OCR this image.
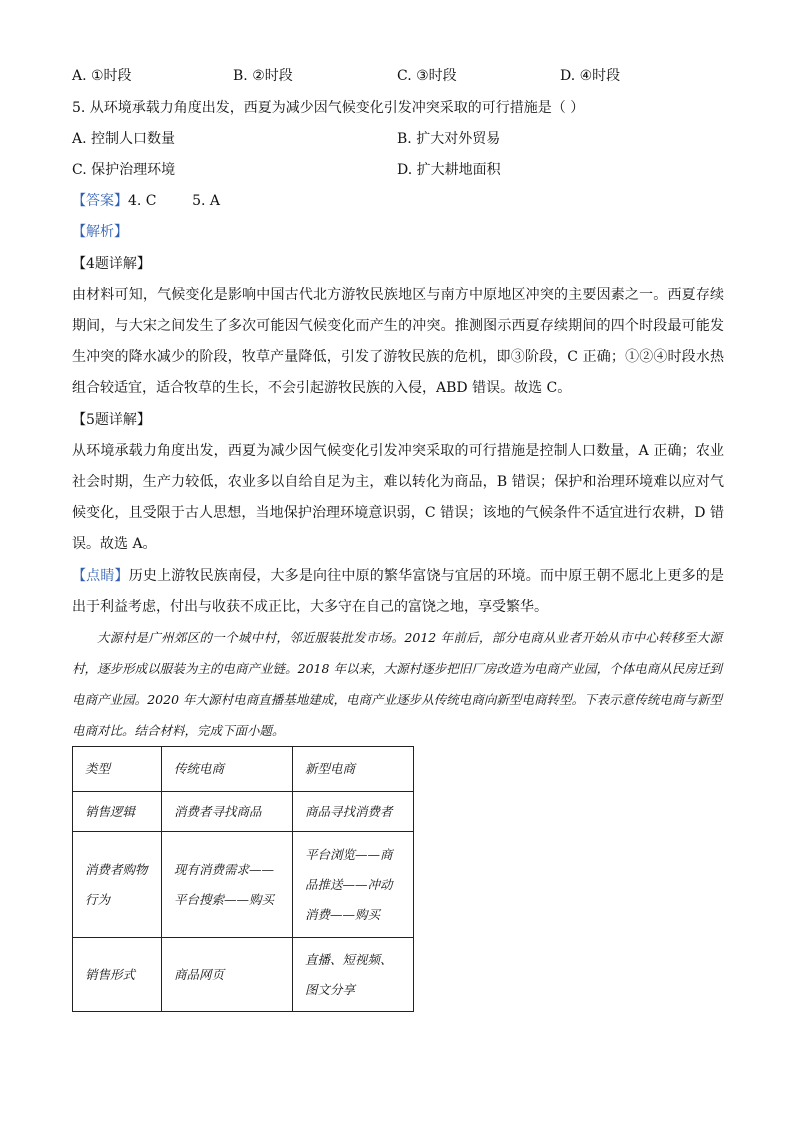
A. ①时段	B. ②时段	C. ③时段	D. ④时段
5. 从环境承载力角度出发，西夏为减少因气候变化引发冲突采取的可行措施是（ ）
A. 控制人口数量	B. 扩大对外贸易
C. 保护治理环境	D. 扩大耕地面积
【答案】4. C        5. A
【解析】
【4题详解】
由材料可知，气候变化是影响中国古代北方游牧民族地区与南方中原地区冲突的主要因素之一。西夏存续期间，与大宋之间发生了多次可能因气候变化而产生的冲突。推测图示西夏存续期间的四个时段最可能发生冲突的降水减少的阶段，牧草产量降低，引发了游牧民族的危机，即③阶段，C 正确；①②④时段水热组合较适宜，适合牧草的生长，不会引起游牧民族的入侵，ABD 错误。故选 C。
【5题详解】
从环境承载力角度出发，西夏为减少因气候变化引发冲突采取的可行措施是控制人口数量，A 正确；农业社会时期，生产力较低，农业多以自给自足为主，难以转化为商品，B 错误；保护和治理环境难以应对气候变化，且受限于古人思想，当地保护治理环境意识弱，C 错误；该地的气候条件不适宜进行农耕，D 错误。故选 A。
【点睛】历史上游牧民族南侵，大多是向往中原的繁华富饶与宜居的环境。而中原王朝不愿北上更多的是出于利益考虑，付出与收获不成正比，大多守在自己的富饶之地，享受繁华。
大源村是广州郊区的一个城中村，邻近服装批发市场。2012 年前后，部分电商从业者开始从市中心转移至大源村，逐步形成以服装为主的电商产业链。2018 年以来，大源村逐步把旧厂房改造为电商产业园，个体电商从民房迁到电商产业园。2020 年大源村电商直播基地建成，电商产业逐步从传统电商向新型电商转型。下表示意传统电商与新型电商对比。结合材料，完成下面小题。
类型	传统电商	新型电商
销售逻辑	消费者寻找商品	商品寻找消费者
消费者购物行为	现有消费需求——平台搜索——购买	平台浏览——商品推送——冲动消费——购买
销售形式	商品网页	直播、短视频、图文分享
